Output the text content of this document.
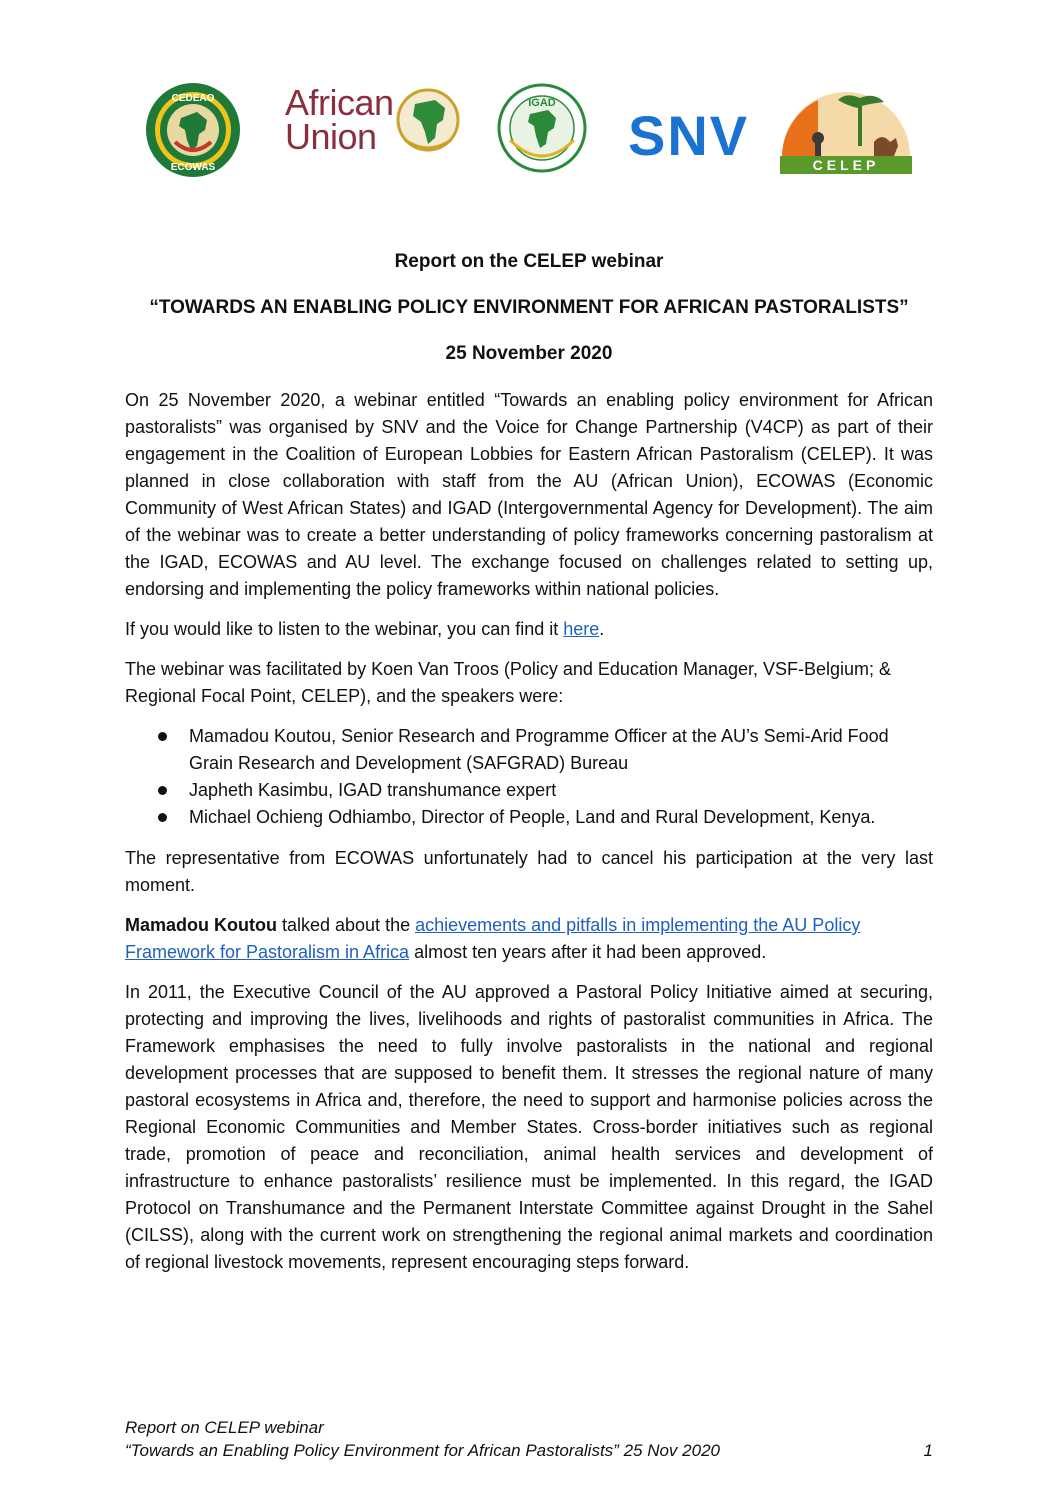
CEDEAO
ECOWAS
African
Union
IGAD
SNV	CELEP
Report on the CELEP webinar
“TOWARDS AN ENABLING POLICY ENVIRONMENT FOR AFRICAN PASTORALISTS”
25 November 2020

On 25 November 2020, a webinar entitled “Towards an enabling policy environment for African pastoralists” was organised by SNV and the Voice for Change Partnership (V4CP) as part of their engagement in the Coalition of European Lobbies for Eastern African Pastoralism (CELEP). It was planned in close collaboration with staff from the AU (African Union), ECOWAS (Economic Community of West African States) and IGAD (Intergovernmental Agency for Development). The aim of the webinar was to create a better understanding of policy frameworks concerning pastoralism at the IGAD, ECOWAS and AU level. The exchange focused on challenges related to setting up, endorsing and implementing the policy frameworks within national policies.

If you would like to listen to the webinar, you can find it here.

The webinar was facilitated by Koen Van Troos (Policy and Education Manager, VSF-Belgium; & Regional Focal Point, CELEP), and the speakers were:

Mamadou Koutou, Senior Research and Programme Officer at the AU’s Semi-Arid Food Grain Research and Development (SAFGRAD) Bureau
Japheth Kasimbu, IGAD transhumance expert
Michael Ochieng Odhiambo, Director of People, Land and Rural Development, Kenya.

The representative from ECOWAS unfortunately had to cancel his participation at the very last moment.

Mamadou Koutou talked about the achievements and pitfalls in implementing the AU Policy Framework for Pastoralism in Africa almost ten years after it had been approved.

In 2011, the Executive Council of the AU approved a Pastoral Policy Initiative aimed at securing, protecting and improving the lives, livelihoods and rights of pastoralist communities in Africa. The Framework emphasises the need to fully involve pastoralists in the national and regional development processes that are supposed to benefit them. It stresses the regional nature of many pastoral ecosystems in Africa and, therefore, the need to support and harmonise policies across the Regional Economic Communities and Member States. Cross-border initiatives such as regional trade, promotion of peace and reconciliation, animal health services and development of infrastructure to enhance pastoralists’ resilience must be implemented. In this regard, the IGAD Protocol on Transhumance and the Permanent Interstate Committee against Drought in the Sahel (CILSS), along with the current work on strengthening the regional animal markets and coordination of regional livestock movements, represent encouraging steps forward.

Report on CELEP webinar
“Towards an Enabling Policy Environment for African Pastoralists” 25 Nov 2020	1
